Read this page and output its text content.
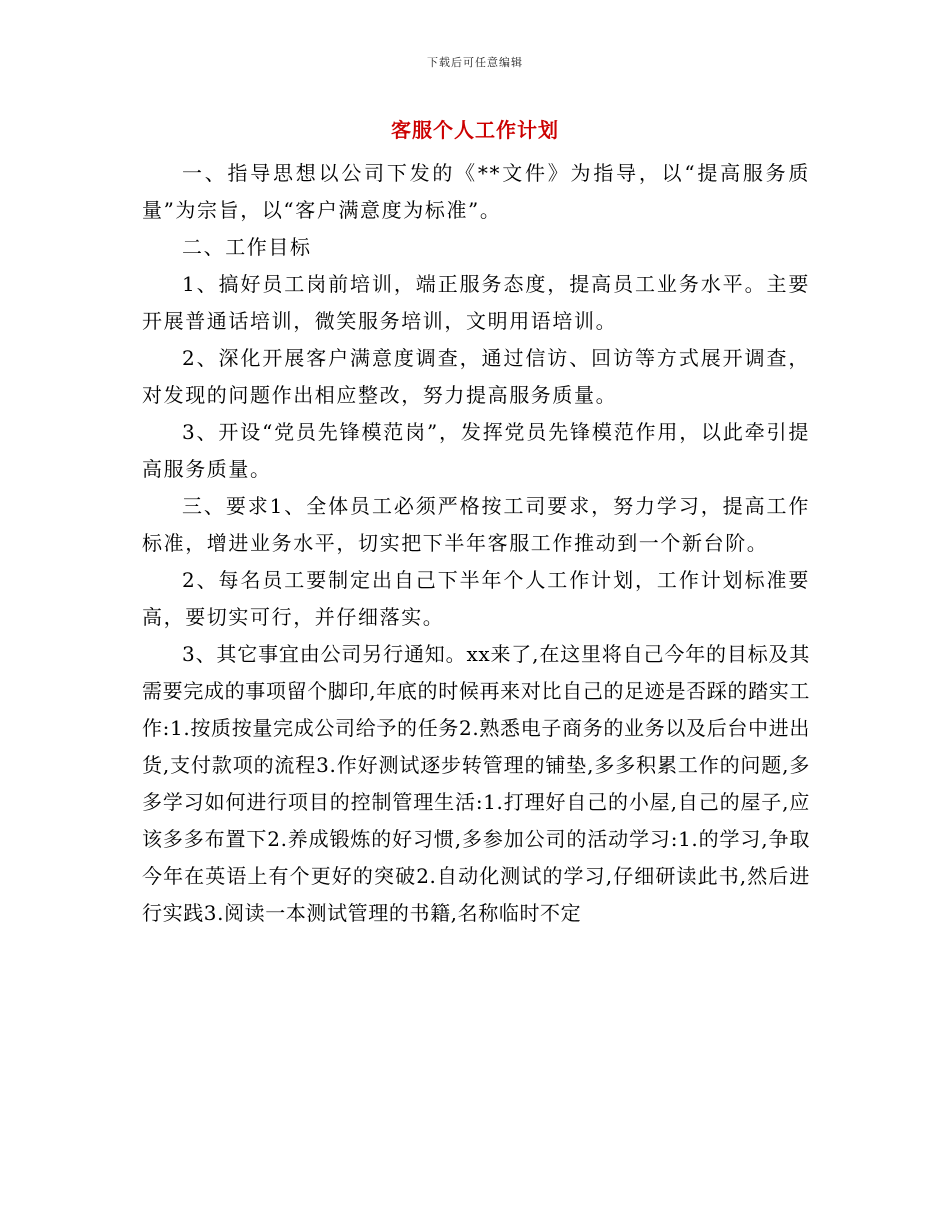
下载后可任意编辑
客服个人工作计划

一、指导思想以公司下发的《**文件》为指导，以“提高服务质量”为宗旨，以“客户满意度为标准”。

二、工作目标

1、搞好员工岗前培训，端正服务态度，提高员工业务水平。主要开展普通话培训，微笑服务培训，文明用语培训。

2、深化开展客户满意度调查，通过信访、回访等方式展开调查，对发现的问题作出相应整改，努力提高服务质量。

3、开设“党员先锋模范岗”，发挥党员先锋模范作用，以此牵引提高服务质量。

三、要求1、全体员工必须严格按工司要求，努力学习，提高工作标准，增进业务水平，切实把下半年客服工作推动到一个新台阶。

2、每名员工要制定出自己下半年个人工作计划，工作计划标准要高，要切实可行，并仔细落实。

3、其它事宜由公司另行通知。xx来了,在这里将自己今年的目标及其需要完成的事项留个脚印,年底的时候再来对比自己的足迹是否踩的踏实工作:1.按质按量完成公司给予的任务2.熟悉电子商务的业务以及后台中进出货,支付款项的流程3.作好测试逐步转管理的铺垫,多多积累工作的问题,多多学习如何进行项目的控制管理生活:1.打理好自己的小屋,自己的屋子,应该多多布置下2.养成锻炼的好习惯,多参加公司的活动学习:1.的学习,争取今年在英语上有个更好的突破2.自动化测试的学习,仔细研读此书,然后进行实践3.阅读一本测试管理的书籍,名称临时不定
